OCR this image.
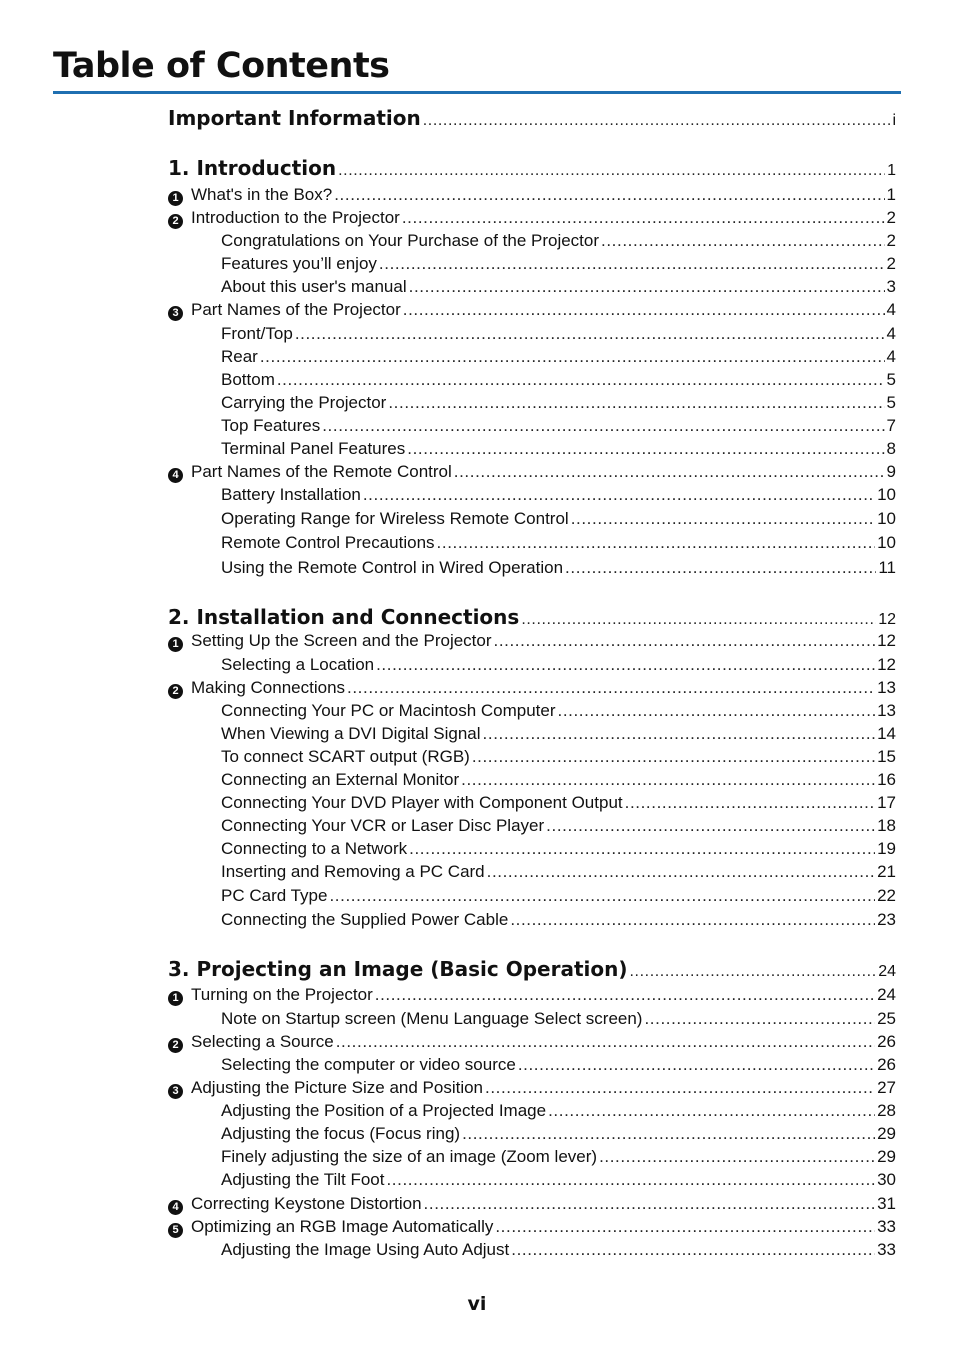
Table of Contents
Important Information .....	i
1. Introduction .....	1
1 What's in the Box? .....	1
2 Introduction to the Projector .....	2
Congratulations on Your Purchase of the Projector .....	2
Features you’ll enjoy .....	2
About this user's manual .....	3
3 Part Names of the Projector .....	4
Front/Top .....	4
Rear .....	4
Bottom .....	5
Carrying the Projector .....	5
Top Features .....	7
Terminal Panel Features .....	8
4 Part Names of the Remote Control .....	9
Battery Installation .....	10
Operating Range for Wireless Remote Control .....	10
Remote Control Precautions .....	10
Using the Remote Control in Wired Operation .....	11
2. Installation and Connections .....	12
1 Setting Up the Screen and the Projector .....	12
Selecting a Location .....	12
2 Making Connections .....	13
Connecting Your PC or Macintosh Computer .....	13
When Viewing a DVI Digital Signal .....	14
To connect SCART output (RGB) .....	15
Connecting an External Monitor .....	16
Connecting Your DVD Player with Component Output .....	17
Connecting Your VCR or Laser Disc Player .....	18
Connecting to a Network .....	19
Inserting and Removing a PC Card .....	21
PC Card Type .....	22
Connecting the Supplied Power Cable .....	23
3. Projecting an Image (Basic Operation) .....	24
1 Turning on the Projector .....	24
Note on Startup screen (Menu Language Select screen) .....	25
2 Selecting a Source .....	26
Selecting the computer or video source .....	26
3 Adjusting the Picture Size and Position .....	27
Adjusting the Position of a Projected Image .....	28
Adjusting the focus (Focus ring) .....	29
Finely adjusting the size of an image (Zoom lever) .....	29
Adjusting the Tilt Foot .....	30
4 Correcting Keystone Distortion .....	31
5 Optimizing an RGB Image Automatically .....	33
Adjusting the Image Using Auto Adjust .....	33
vi
